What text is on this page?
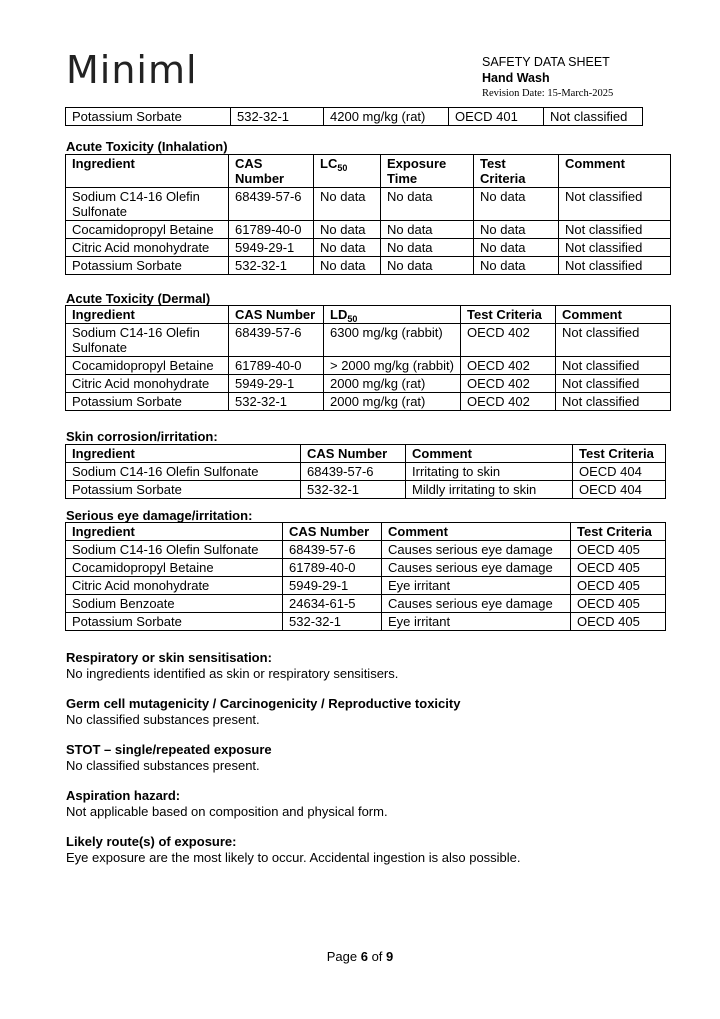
Miniml	SAFETY DATA SHEET
Hand Wash
Revision Date: 15-March-2025
Potassium Sorbate	532-32-1	4200 mg/kg (rat)	OECD 401	Not classified
Acute Toxicity (Inhalation)
Ingredient	CAS Number	$LC_{50}$	Exposure Time	Test Criteria	Comment
Sodium C14-16 Olefin Sulfonate	68439-57-6	No data	No data	No data	Not classified
Cocamidopropyl Betaine	61789-40-0	No data	No data	No data	Not classified
Citric Acid monohydrate	5949-29-1	No data	No data	No data	Not classified
Potassium Sorbate	532-32-1	No data	No data	No data	Not classified
Acute Toxicity (Dermal)
Ingredient	CAS Number	$LD_{50}$	Test Criteria	Comment
Sodium C14-16 Olefin Sulfonate	68439-57-6	6300 mg/kg (rabbit)	OECD 402	Not classified
Cocamidopropyl Betaine	61789-40-0	> 2000 mg/kg (rabbit)	OECD 402	Not classified
Citric Acid monohydrate	5949-29-1	2000 mg/kg (rat)	OECD 402	Not classified
Potassium Sorbate	532-32-1	2000 mg/kg (rat)	OECD 402	Not classified
Skin corrosion/irritation:
Ingredient	CAS Number	Comment	Test Criteria
Sodium C14-16 Olefin Sulfonate	68439-57-6	Irritating to skin	OECD 404
Potassium Sorbate	532-32-1	Mildly irritating to skin	OECD 404
Serious eye damage/irritation:
Ingredient	CAS Number	Comment	Test Criteria
Sodium C14-16 Olefin Sulfonate	68439-57-6	Causes serious eye damage	OECD 405
Cocamidopropyl Betaine	61789-40-0	Causes serious eye damage	OECD 405
Citric Acid monohydrate	5949-29-1	Eye irritant	OECD 405
Sodium Benzoate	24634-61-5	Causes serious eye damage	OECD 405
Potassium Sorbate	532-32-1	Eye irritant	OECD 405
Respiratory or skin sensitisation:
No ingredients identified as skin or respiratory sensitisers.
Germ cell mutagenicity / Carcinogenicity / Reproductive toxicity
No classified substances present.
STOT – single/repeated exposure
No classified substances present.
Aspiration hazard:
Not applicable based on composition and physical form.
Likely route(s) of exposure:
Eye exposure are the most likely to occur. Accidental ingestion is also possible.
Page 6 of 9
